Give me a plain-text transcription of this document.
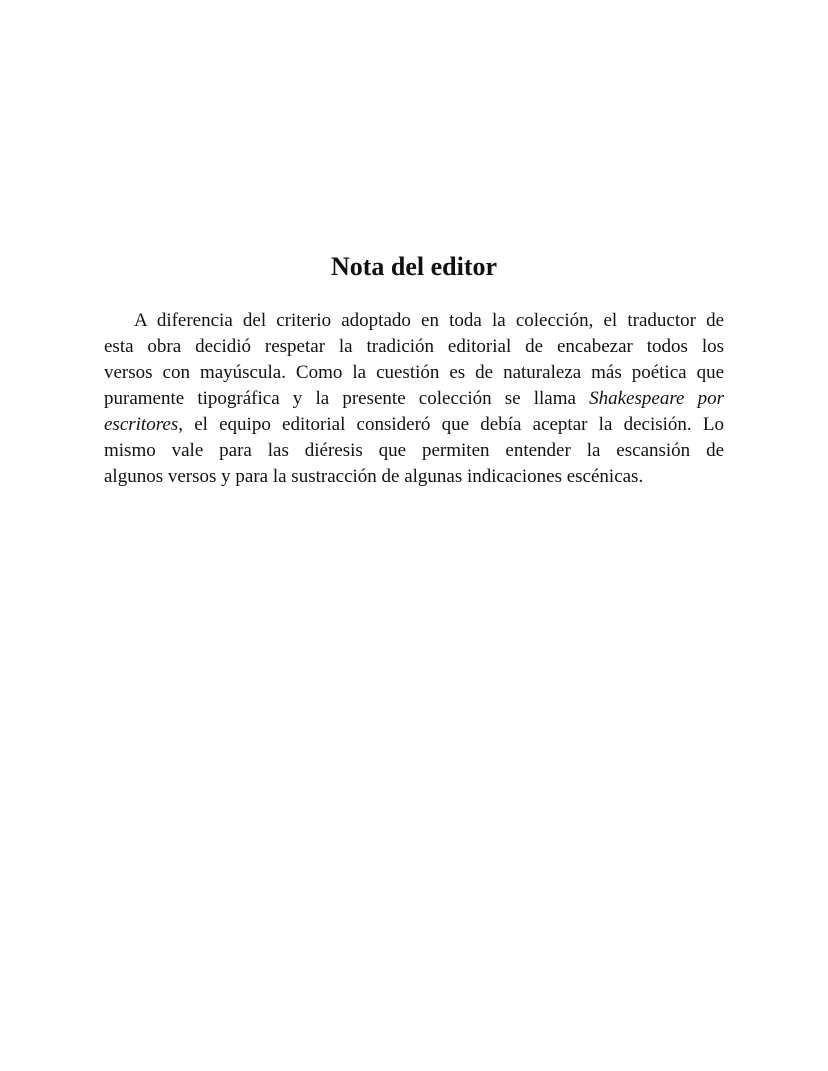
Nota del editor
A diferencia del criterio adoptado en toda la colección, el traductor de
esta obra decidió respetar la tradición editorial de encabezar todos los
versos con mayúscula. Como la cuestión es de naturaleza más poética que
puramente tipográfica y la presente colección se llama Shakespeare por
escritores, el equipo editorial consideró que debía aceptar la decisión. Lo
mismo vale para las diéresis que permiten entender la escansión de
algunos versos y para la sustracción de algunas indicaciones escénicas.
